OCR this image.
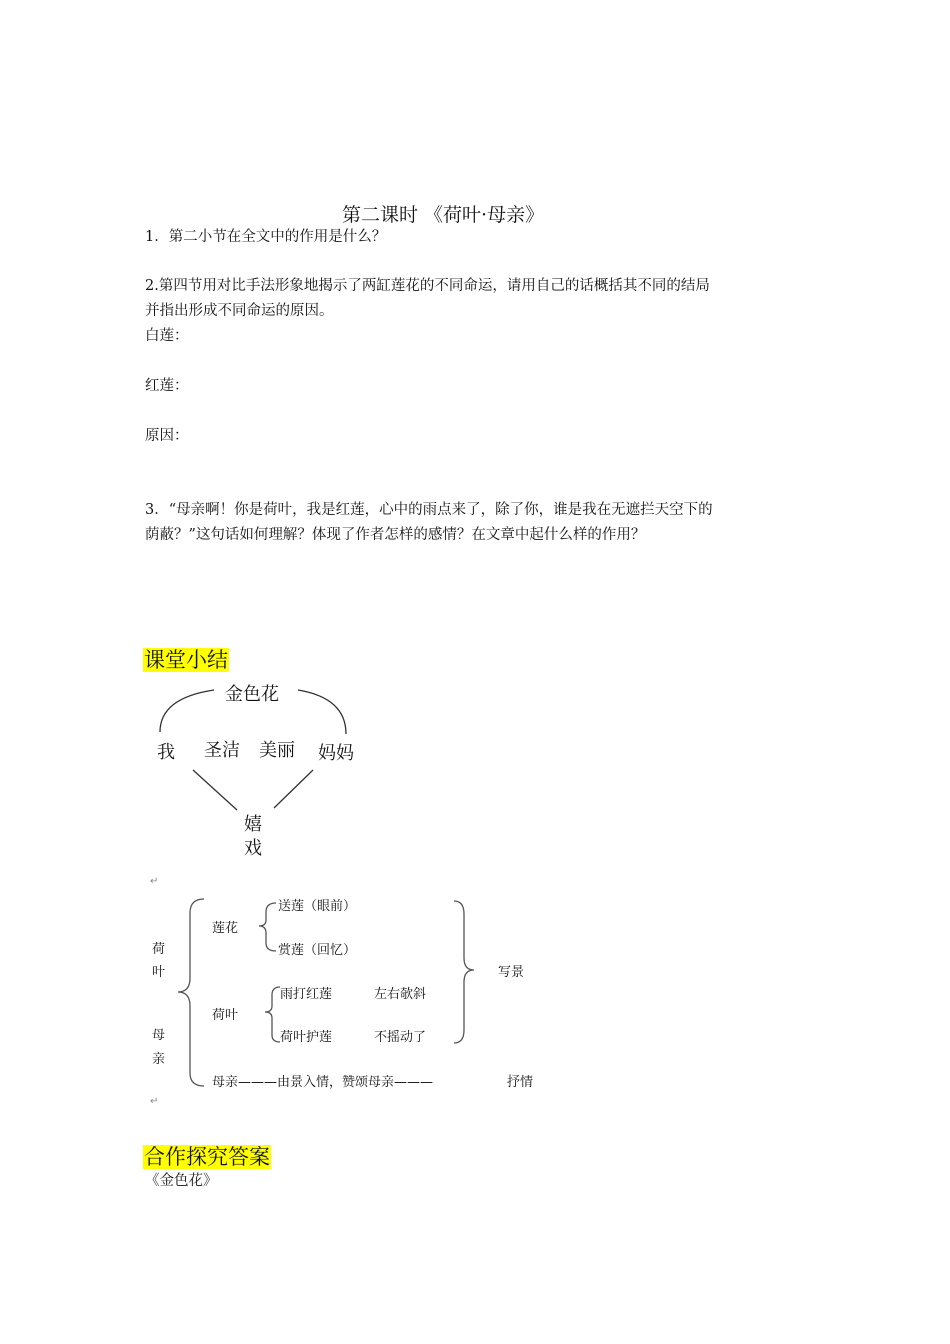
第二课时 《荷叶·母亲》
1．第二小节在全文中的作用是什么？
2.第四节用对比手法形象地揭示了两缸莲花的不同命运，请用自己的话概括其不同的结局
并指出形成不同命运的原因。
白莲：
红莲：
原因：
3．“母亲啊！你是荷叶，我是红莲，心中的雨点来了，除了你，谁是我在无遮拦天空下的
荫蔽？”这句话如何理解？体现了作者怎样的感情？在文章中起什么样的作用？
课堂小结
金色花
我 圣洁 美丽 妈妈
嬉
戏
↵
荷
叶
母
亲
莲花
送莲（眼前）
赏莲（回忆）
荷叶
雨打红莲	左右欹斜
荷叶护莲	不摇动了
写景
母亲———由景入情，赞颂母亲———	抒情
↵
合作探究答案
《金色花》
